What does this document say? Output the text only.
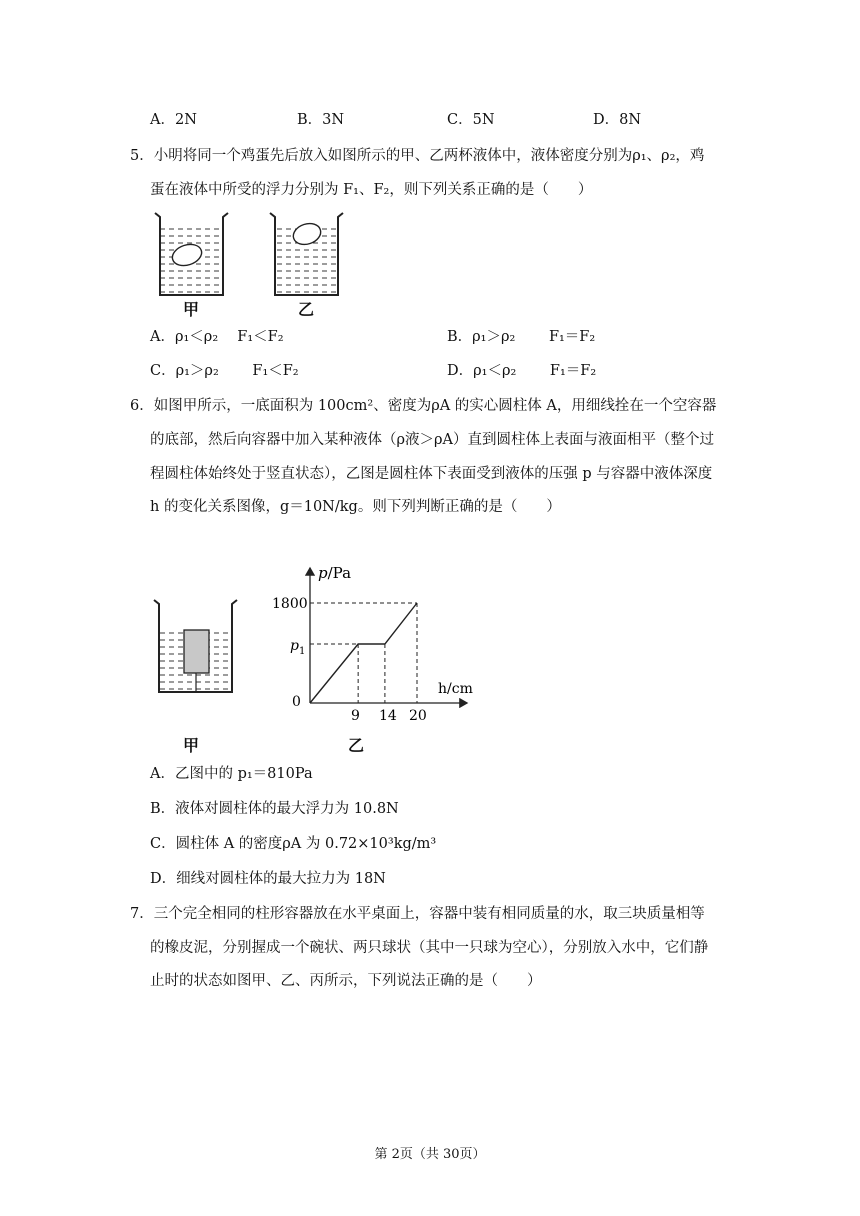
A．2N	B．3N	C．5N	D．8N
5．小明将同一个鸡蛋先后放入如图所示的甲、乙两杯液体中，液体密度分别为ρ₁、ρ₂，鸡
蛋在液体中所受的浮力分别为 F₁、F₂，则下列关系正确的是（　　）
甲	乙
A．ρ₁＜ρ₂　 F₁＜F₂	B．ρ₁＞ρ₂　　 F₁＝F₂
C．ρ₁＞ρ₂　　 F₁＜F₂	D．ρ₁＜ρ₂　　 F₁＝F₂
6．如图甲所示，一底面积为 100cm²、密度为ρA 的实心圆柱体 A，用细线拴在一个空容器
的底部，然后向容器中加入某种液体（ρ液＞ρA）直到圆柱体上表面与液面相平（整个过
程圆柱体始终处于竖直状态），乙图是圆柱体下表面受到液体的压强 p 与容器中液体深度
h 的变化关系图像，g＝10N/kg。则下列判断正确的是（　　）
甲
p/Pa
h/cm
1800
$p_1$
0
9 14 20
乙
A．乙图中的 p₁＝810Pa
B．液体对圆柱体的最大浮力为 10.8N
C．圆柱体 A 的密度ρA 为 0.72×10³kg/m³
D．细线对圆柱体的最大拉力为 18N
7．三个完全相同的柱形容器放在水平桌面上，容器中装有相同质量的水，取三块质量相等
的橡皮泥，分别握成一个碗状、两只球状（其中一只球为空心），分别放入水中，它们静
止时的状态如图甲、乙、丙所示，下列说法正确的是（　　）
第 2页（共 30页）
